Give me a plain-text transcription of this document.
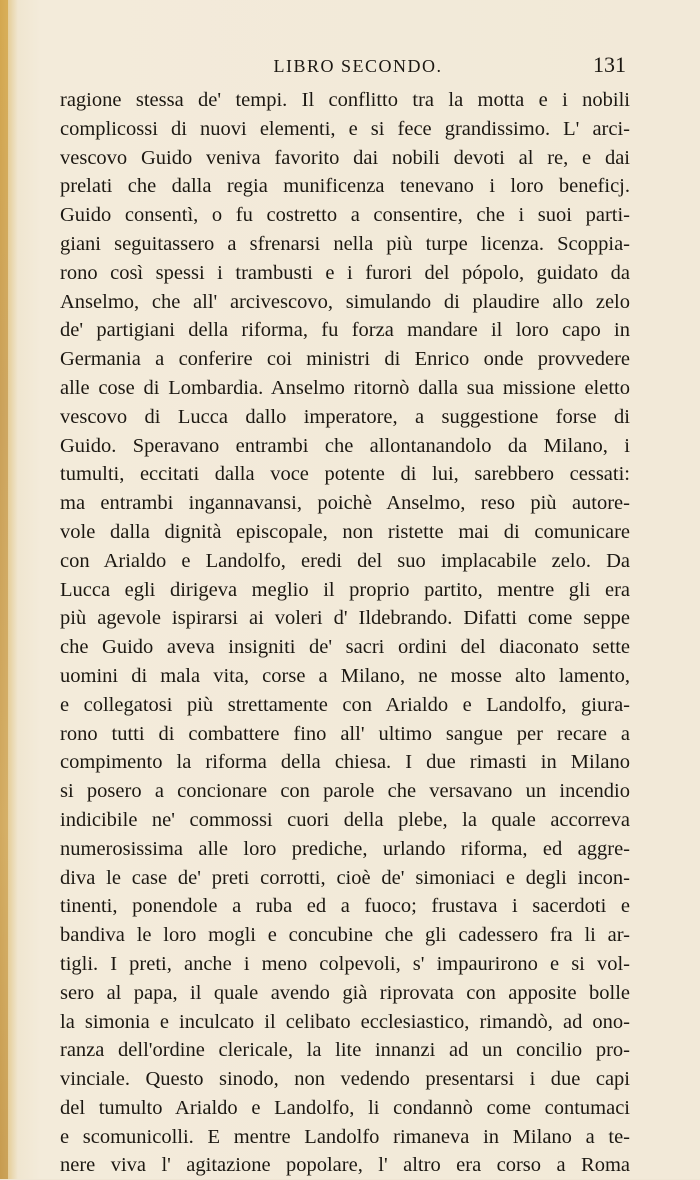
LIBRO SECONDO.	131
ragione stessa de' tempi. Il conflitto tra la motta e i nobili
complicossi di nuovi elementi, e si fece grandissimo. L' arci-
vescovo Guido veniva favorito dai nobili devoti al re, e dai
prelati che dalla regia munificenza tenevano i loro beneficj.
Guido consentì, o fu costretto a consentire, che i suoi parti-
giani seguitassero a sfrenarsi nella più turpe licenza. Scoppia-
rono così spessi i trambusti e i furori del pópolo, guidato da
Anselmo, che all' arcivescovo, simulando di plaudire allo zelo
de' partigiani della riforma, fu forza mandare il loro capo in
Germania a conferire coi ministri di Enrico onde provvedere
alle cose di Lombardia. Anselmo ritornò dalla sua missione eletto
vescovo di Lucca dallo imperatore, a suggestione forse di
Guido. Speravano entrambi che allontanandolo da Milano, i
tumulti, eccitati dalla voce potente di lui, sarebbero cessati:
ma entrambi ingannavansi, poichè Anselmo, reso più autore-
vole dalla dignità episcopale, non ristette mai di comunicare
con Arialdo e Landolfo, eredi del suo implacabile zelo. Da
Lucca egli dirigeva meglio il proprio partito, mentre gli era
più agevole ispirarsi ai voleri d' Ildebrando. Difatti come seppe
che Guido aveva insigniti de' sacri ordini del diaconato sette
uomini di mala vita, corse a Milano, ne mosse alto lamento,
e collegatosi più strettamente con Arialdo e Landolfo, giura-
rono tutti di combattere fino all' ultimo sangue per recare a
compimento la riforma della chiesa. I due rimasti in Milano
si posero a concionare con parole che versavano un incendio
indicibile ne' commossi cuori della plebe, la quale accorreva
numerosissima alle loro prediche, urlando riforma, ed aggre-
diva le case de' preti corrotti, cioè de' simoniaci e degli incon-
tinenti, ponendole a ruba ed a fuoco; frustava i sacerdoti e
bandiva le loro mogli e concubine che gli cadessero fra li ar-
tigli. I preti, anche i meno colpevoli, s' impaurirono e si vol-
sero al papa, il quale avendo già riprovata con apposite bolle
la simonia e inculcato il celibato ecclesiastico, rimandò, ad ono-
ranza dell'ordine clericale, la lite innanzi ad un concilio pro-
vinciale. Questo sinodo, non vedendo presentarsi i due capi
del tumulto Arialdo e Landolfo, li condannò come contumaci
e scomunicolli. E mentre Landolfo rimaneva in Milano a te-
nere viva l' agitazione popolare, l' altro era corso a Roma
